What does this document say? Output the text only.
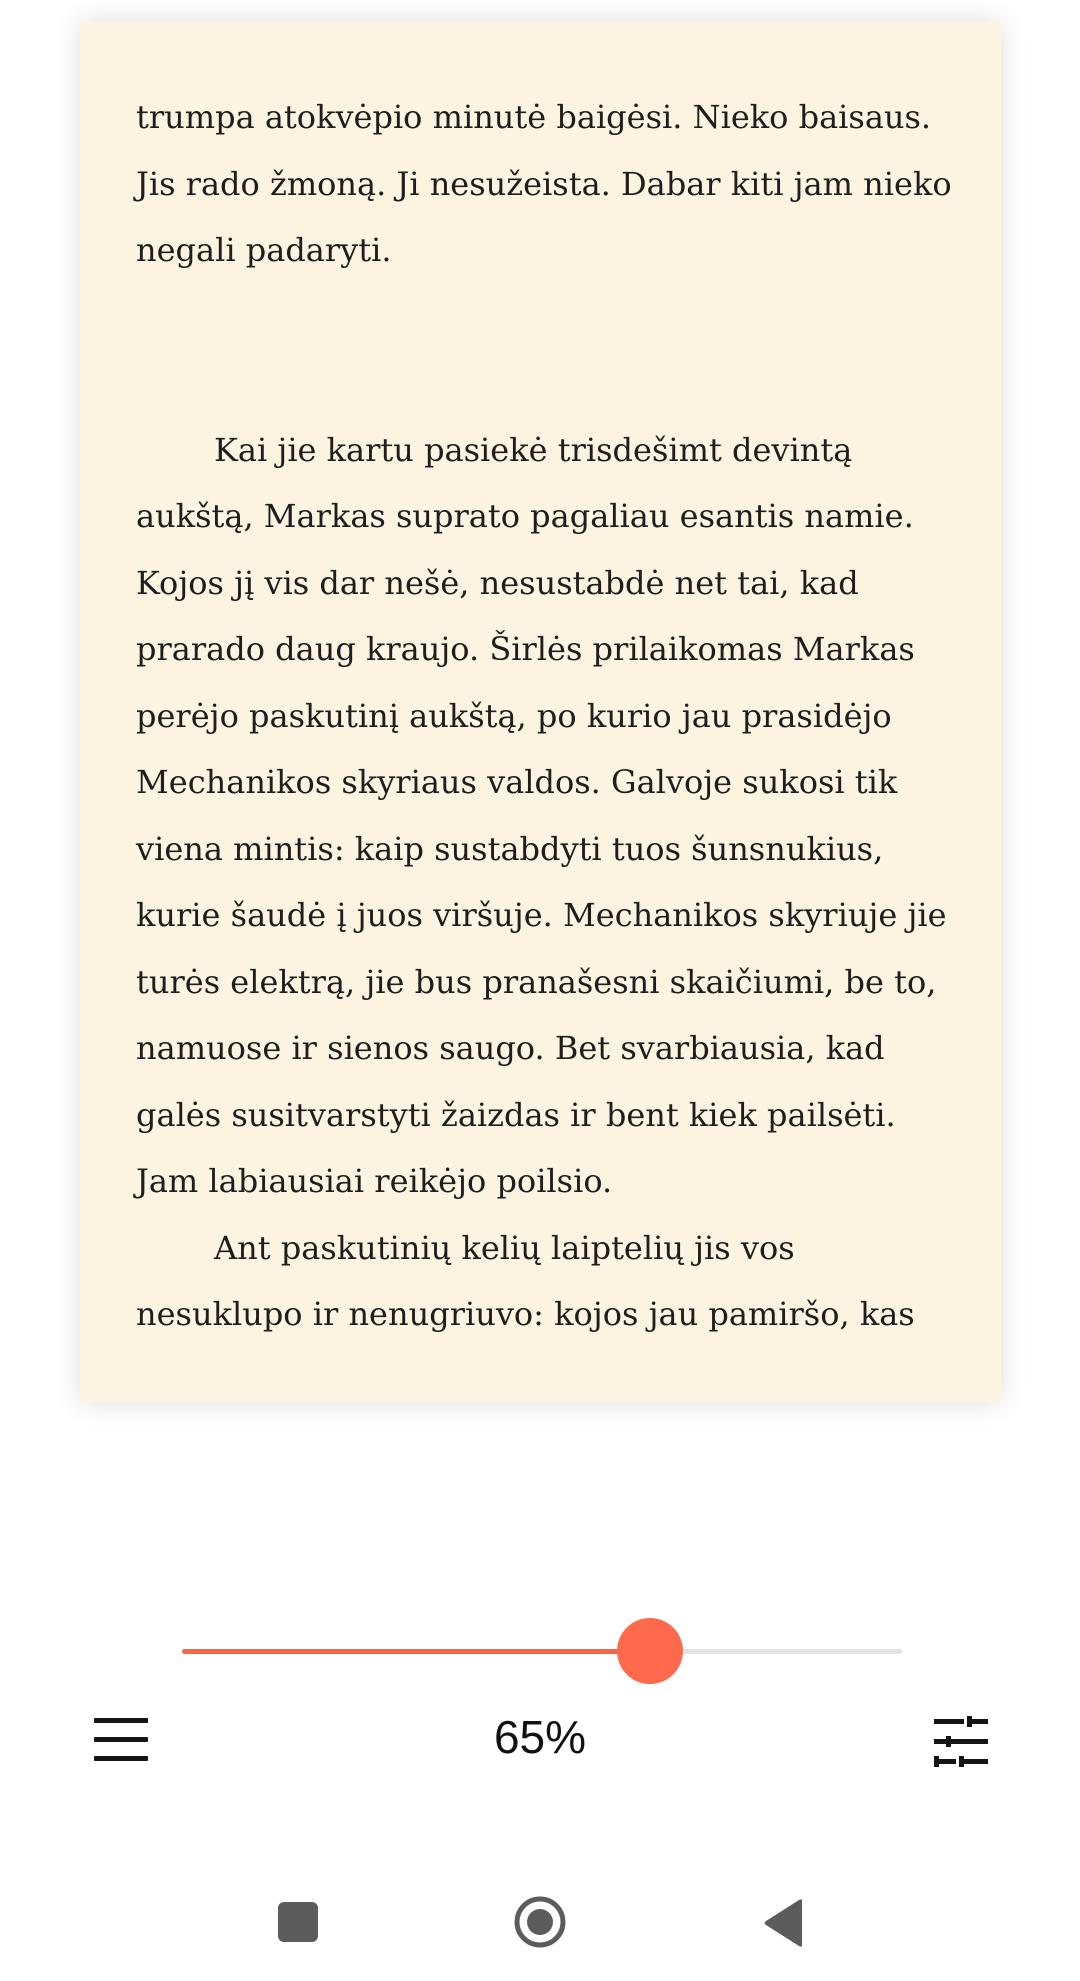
trumpa atokvėpio minutė baigėsi. Nieko baisaus. Jis rado žmoną. Ji nesužeista. Dabar kiti jam nieko negali padaryti.

Kai jie kartu pasiekė trisdešimt devintą aukštą, Markas suprato pagaliau esantis namie. Kojos jį vis dar nešė, nesustabdė net tai, kad prarado daug kraujo. Širlės prilaikomas Markas perėjo paskutinį aukštą, po kurio jau prasidėjo Mechanikos skyriaus valdos. Galvoje sukosi tik viena mintis: kaip sustabdyti tuos šunsnukius, kurie šaudė į juos viršuje. Mechanikos skyriuje jie turės elektrą, jie bus pranašesni skaičiumi, be to, namuose ir sienos saugo. Bet svarbiausia, kad galės susitvarstyti žaizdas ir bent kiek pailsėti. Jam labiausiai reikėjo poilsio.

Ant paskutinių kelių laiptelių jis vos nesuklupo ir nenugriuvo: kojos jau pamiršo, kas

65%
